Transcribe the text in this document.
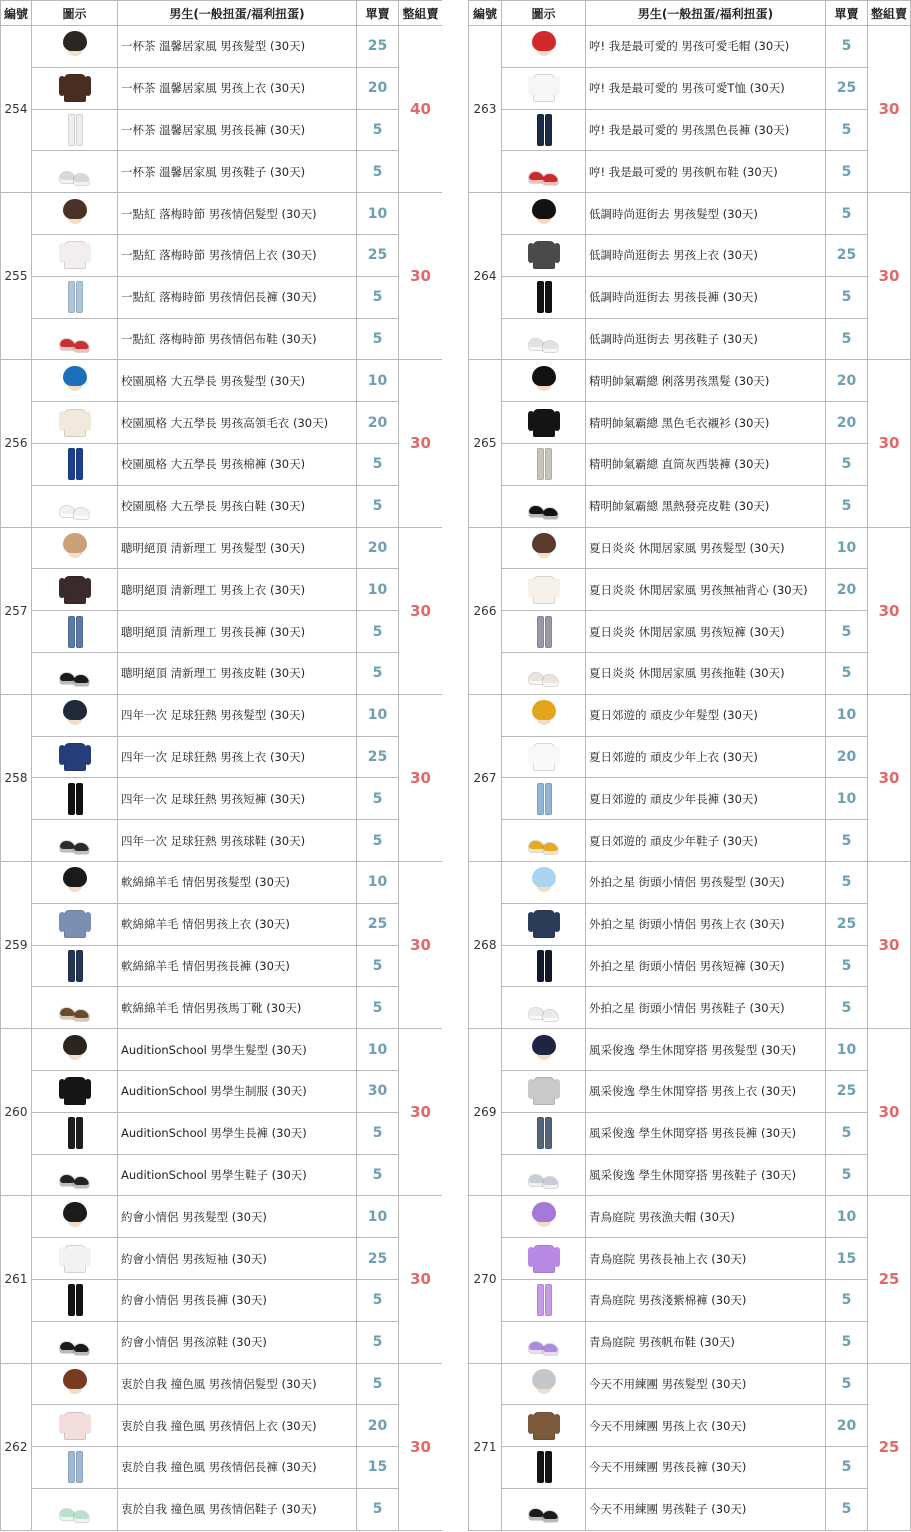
編號	圖示	男生(一般扭蛋/福利扭蛋)	單賣	整組賣
254		一杯茶 溫馨居家風 男孩髮型 (30天)	25	40

		一杯茶 溫馨居家風 男孩上衣 (30天)	20	

		一杯茶 溫馨居家風 男孩長褲 (30天)	5	

		一杯茶 溫馨居家風 男孩鞋子 (30天)	5	
255		一點紅 落梅時節 男孩情侶髮型 (30天)	10	30

		一點紅 落梅時節 男孩情侶上衣 (30天)	25	

		一點紅 落梅時節 男孩情侶長褲 (30天)	5	

		一點紅 落梅時節 男孩情侶布鞋 (30天)	5	
256		校園風格 大五學長 男孩髮型 (30天)	10	30

		校園風格 大五學長 男孩高領毛衣 (30天)	20	

		校園風格 大五學長 男孩棉褲 (30天)	5	

		校園風格 大五學長 男孩白鞋 (30天)	5	
257		聰明絕頂 清新理工 男孩髮型 (30天)	20	30

		聰明絕頂 清新理工 男孩上衣 (30天)	10	

		聰明絕頂 清新理工 男孩長褲 (30天)	5	

		聰明絕頂 清新理工 男孩皮鞋 (30天)	5	
258		四年一次 足球狂熱 男孩髮型 (30天)	10	30

		四年一次 足球狂熱 男孩上衣 (30天)	25	

		四年一次 足球狂熱 男孩短褲 (30天)	5	

		四年一次 足球狂熱 男孩球鞋 (30天)	5	
259		軟綿綿羊毛 情侶男孩髮型 (30天)	10	30

		軟綿綿羊毛 情侶男孩上衣 (30天)	25	

		軟綿綿羊毛 情侶男孩長褲 (30天)	5	

		軟綿綿羊毛 情侶男孩馬丁靴 (30天)	5	
260		AuditionSchool 男學生髮型 (30天)	10	30

		AuditionSchool 男學生制服 (30天)	30	

		AuditionSchool 男學生長褲 (30天)	5	

		AuditionSchool 男學生鞋子 (30天)	5	
261		約會小情侶 男孩髮型 (30天)	10	30

		約會小情侶 男孩短袖 (30天)	25	

		約會小情侶 男孩長褲 (30天)	5	

		約會小情侶 男孩涼鞋 (30天)	5	
262		衷於自我 撞色風 男孩情侶髮型 (30天)	5	30

		衷於自我 撞色風 男孩情侶上衣 (30天)	20	

		衷於自我 撞色風 男孩情侶長褲 (30天)	15	

		衷於自我 撞色風 男孩情侶鞋子 (30天)	5	
編號	圖示	男生(一般扭蛋/福利扭蛋)	單賣	整組賣
263		哼! 我是最可愛的 男孩可愛毛帽 (30天)	5	30

		哼! 我是最可愛的 男孩可愛T恤 (30天)	25	

		哼! 我是最可愛的 男孩黑色長褲 (30天)	5	

		哼! 我是最可愛的 男孩帆布鞋 (30天)	5	
264		低調時尚逛街去 男孩髮型 (30天)	5	30

		低調時尚逛街去 男孩上衣 (30天)	25	

		低調時尚逛街去 男孩長褲 (30天)	5	

		低調時尚逛街去 男孩鞋子 (30天)	5	
265		精明帥氣霸總 俐落男孩黑髮 (30天)	20	30

		精明帥氣霸總 黑色毛衣襯衫 (30天)	20	

		精明帥氣霸總 直筒灰西裝褲 (30天)	5	

		精明帥氣霸總 黑熱發亮皮鞋 (30天)	5	
266		夏日炎炎 休閒居家風 男孩髮型 (30天)	10	30

		夏日炎炎 休閒居家風 男孩無袖背心 (30天)	20	

		夏日炎炎 休閒居家風 男孩短褲 (30天)	5	

		夏日炎炎 休閒居家風 男孩拖鞋 (30天)	5	
267		夏日郊遊的 頑皮少年髮型 (30天)	10	30

		夏日郊遊的 頑皮少年上衣 (30天)	20	

		夏日郊遊的 頑皮少年長褲 (30天)	10	

		夏日郊遊的 頑皮少年鞋子 (30天)	5	
268		外拍之星 街頭小情侶 男孩髮型 (30天)	5	30

		外拍之星 街頭小情侶 男孩上衣 (30天)	25	

		外拍之星 街頭小情侶 男孩短褲 (30天)	5	

		外拍之星 街頭小情侶 男孩鞋子 (30天)	5	
269		風采俊逸 學生休閒穿搭 男孩髮型 (30天)	10	30

		風采俊逸 學生休閒穿搭 男孩上衣 (30天)	25	

		風采俊逸 學生休閒穿搭 男孩長褲 (30天)	5	

		風采俊逸 學生休閒穿搭 男孩鞋子 (30天)	5	
270		青鳥庭院 男孩漁夫帽 (30天)	10	25

		青鳥庭院 男孩長袖上衣 (30天)	15	

		青鳥庭院 男孩淺紫棉褲 (30天)	5	

		青鳥庭院 男孩帆布鞋 (30天)	5	
271		今天不用練團 男孩髮型 (30天)	5	25

		今天不用練團 男孩上衣 (30天)	20	

		今天不用練團 男孩長褲 (30天)	5	

		今天不用練團 男孩鞋子 (30天)	5	
